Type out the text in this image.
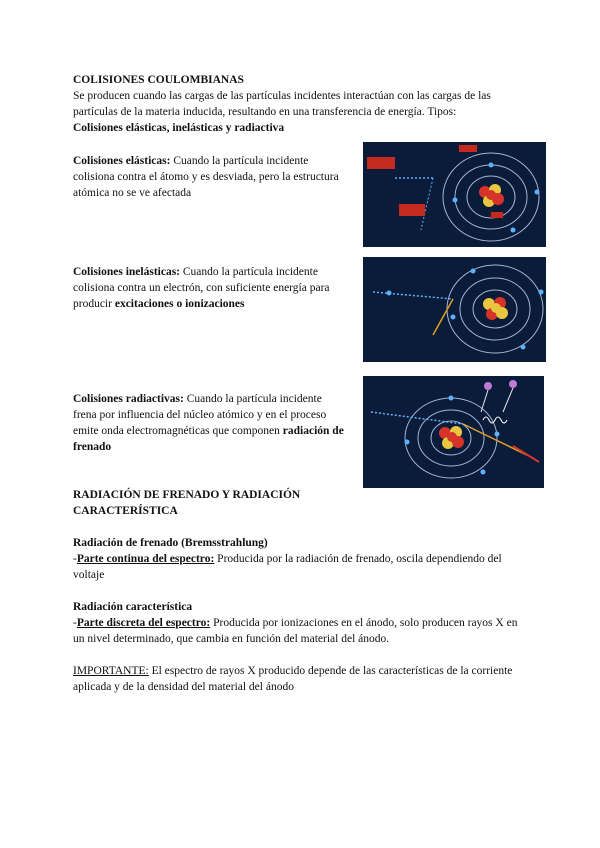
COLISIONES COULOMBIANAS

Se producen cuando las cargas de las partículas incidentes interactúan con las cargas de las partículas de la materia inducida, resultando en una transferencia de energía. Tipos:

Colisiones elásticas, inelásticas y radiactiva

Colisiones elásticas: Cuando la partícula incidente colisiona contra el átomo y es desviada, pero la estructura atómica no se ve afectada

Colisiones inelásticas: Cuando la partícula incidente colisiona contra un electrón, con suficiente energía para producir excitaciones o ionizaciones

Colisiones radiactivas: Cuando la partícula incidente frena por influencia del núcleo atómico y en el proceso emite onda electromagnéticas que componen radiación de frenado

RADIACIÓN DE FRENADO Y RADIACIÓN CARACTERÍSTICA

Radiación de frenado (Bremsstrahlung)

-Parte continua del espectro: Producida por la radiación de frenado, oscila dependiendo del voltaje

Radiación característica

-Parte discreta del espectro: Producida por ionizaciones en el ánodo, solo producen rayos X en un nivel determinado, que cambia en función del material del ánodo.

IMPORTANTE: El espectro de rayos X producido depende de las características de la corriente aplicada y de la densidad del material del ánodo
